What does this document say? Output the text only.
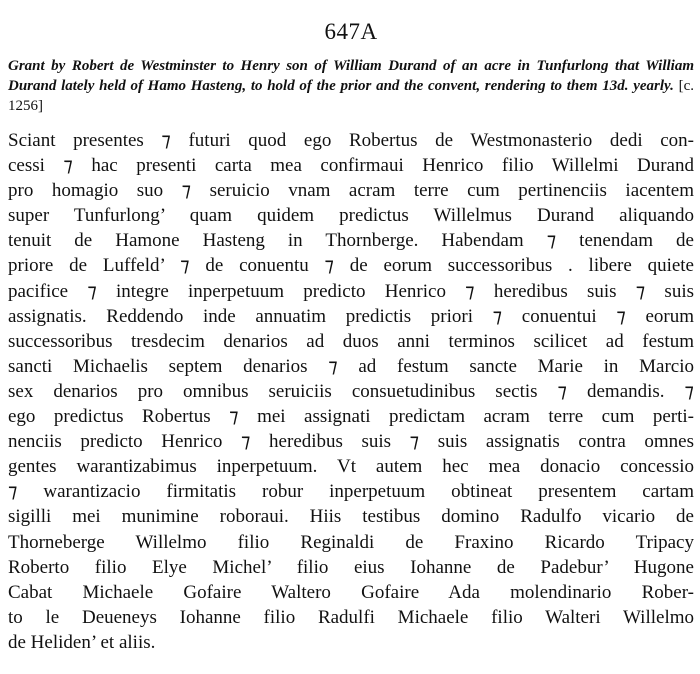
647A

Grant by Robert de Westminster to Henry son of William Durand of an acre in Tunfurlong that William Durand lately held of Hamo Hasteng, to hold of the prior and the convent, rendering to them 13d. yearly. [c. 1256]

Sciant presentes ⁊ futuri quod ego Robertus de Westmonasterio dedi con-
cessi ⁊ hac presenti carta mea confirmaui Henrico filio Willelmi Durand
pro homagio suo ⁊ seruicio vnam acram terre cum pertinenciis iacentem
super Tunfurlong’ quam quidem predictus Willelmus Durand aliquando
tenuit de Hamone Hasteng in Thornberge. Habendam ⁊ tenendam de
priore de Luffeld’ ⁊ de conuentu ⁊ de eorum successoribus . libere quiete
pacifice ⁊ integre inperpetuum predicto Henrico ⁊ heredibus suis ⁊ suis
assignatis. Reddendo inde annuatim predictis priori ⁊ conuentui ⁊ eorum
successoribus tresdecim denarios ad duos anni terminos scilicet ad festum
sancti Michaelis septem denarios ⁊ ad festum sancte Marie in Marcio
sex denarios pro omnibus seruiciis consuetudinibus sectis ⁊ demandis. ⁊
ego predictus Robertus ⁊ mei assignati predictam acram terre cum perti-
nenciis predicto Henrico ⁊ heredibus suis ⁊ suis assignatis contra omnes
gentes warantizabimus inperpetuum. Vt autem hec mea donacio concessio
⁊ warantizacio firmitatis robur inperpetuum obtineat presentem cartam
sigilli mei munimine roboraui. Hiis testibus domino Radulfo vicario de
Thorneberge Willelmo filio Reginaldi de Fraxino Ricardo Tripacy
Roberto filio Elye Michel’ filio eius Iohanne de Padebur’ Hugone
Cabat Michaele Gofaire Waltero Gofaire Ada molendinario Rober-
to le Deueneys Iohanne filio Radulfi Michaele filio Walteri Willelmo
de Heliden’ et aliis.
